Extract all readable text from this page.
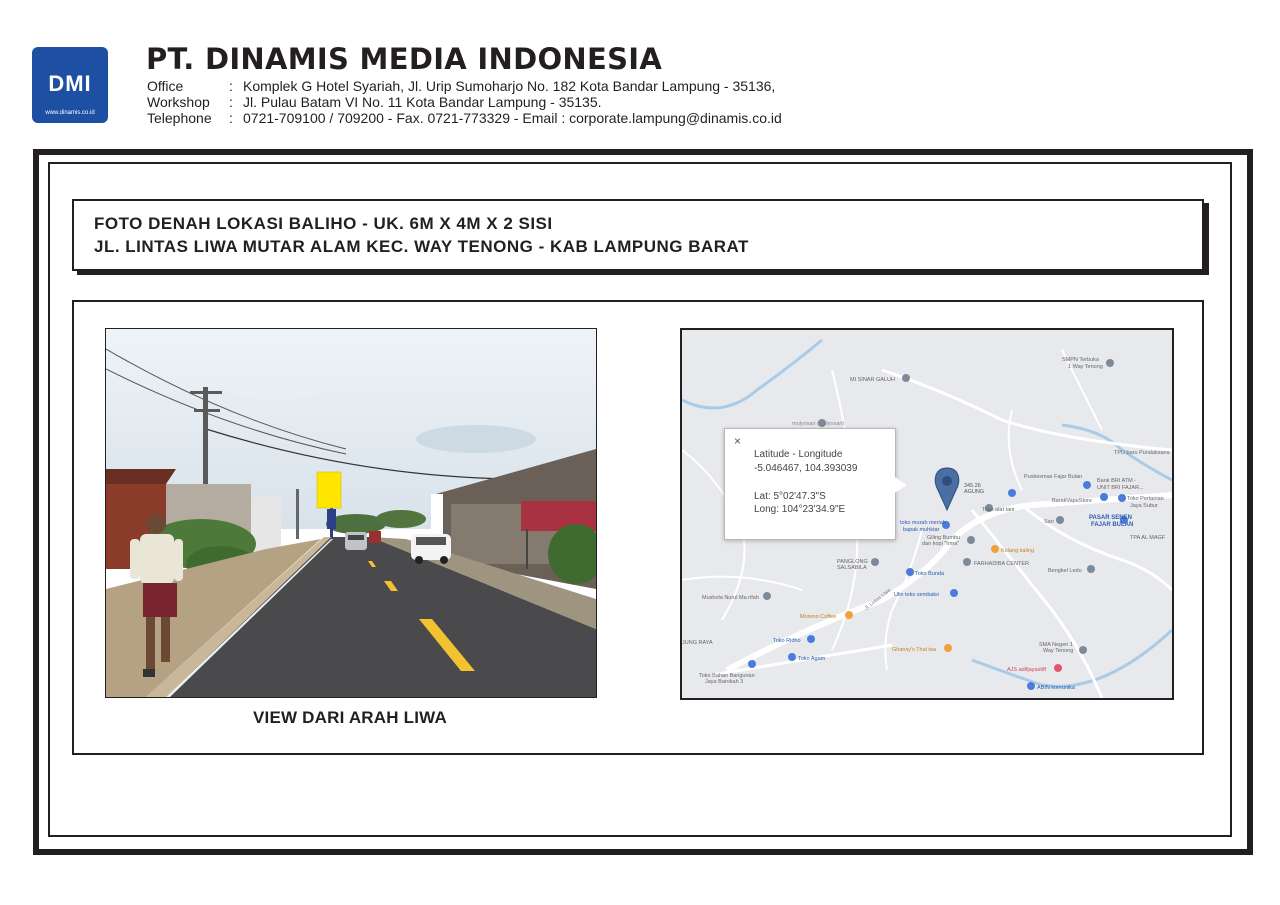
DMI
www.dinamis.co.id
PT. DINAMIS MEDIA INDONESIA
Office	: Komplek G Hotel Syariah, Jl. Urip Sumoharjo No. 182 Kota Bandar Lampung - 35136,
Workshop	: Jl. Pulau Batam VI No. 11 Kota Bandar Lampung - 35135.
Telephone	: 0721-709100 / 709200 - Fax. 0721-773329 - Email : corporate.lampung@dinamis.co.id
FOTO DENAH LOKASI BALIHO - UK. 6M X 4M X 2 SISI
JL. LINTAS LIWA MUTAR ALAM KEC. WAY TENONG - KAB LAMPUNG BARAT
VIEW DARI ARAH LIWA
SMPN Terbuka
1 Way Tenong
MI SINAR GALUH
mulyosari (mulyosari)
TPU baru Puralaksana
Puskesmas Fajar Bulan
Bank BRI ATM -
UNIT BRI FAJAR...
345.26
AGUNG
BarakVapeStore	Toko Pertanian
Jaya Subur
Toko alat tani
PASAR SENEN
FAJAR BULAN
Sari
TPA AL MAGF
toko murah meriah
bapak muhktar
Giling Bumbu
dan kopi "Irma"
Kolang kaling
PANGLONG
SALSABILA
FARHADIBA CENTER
Toko Bunda	Bengkel Ledu
Mushola Nurul Ma rifah	Ulin toko sembako
Moreno Coffee
Jl. Lintas Liwa
JUNG RAYA	Toko Ridho
Ghansy's Thai tea
SMA Negeri 1
Way Tenong
Toko Agam
AJS adifjayastiff
Toko Bahan Bangunan
Jaya Barokah 3
ABIN komunika
×
Latitude - Longitude
-5.046467, 104.393039
Lat: 5°02'47.3"S
Long: 104°23'34.9"E
